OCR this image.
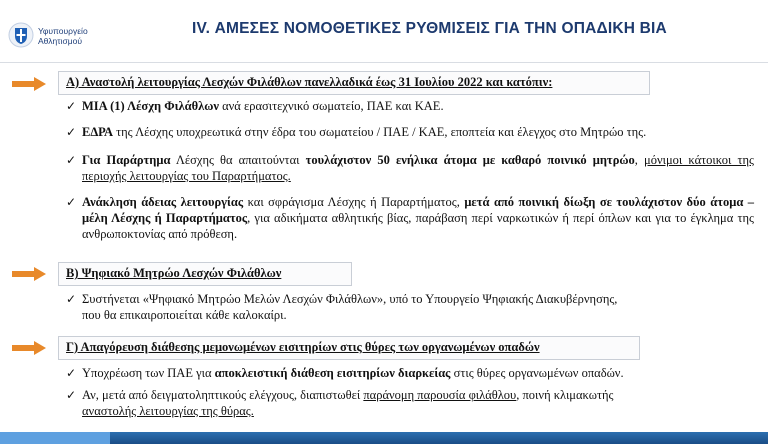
Υφυπουργείο
Αθλητισμού
IV. ΑΜΕΣΕΣ ΝΟΜΟΘΕΤΙΚΕΣ ΡΥΘΜΙΣΕΙΣ ΓΙΑ ΤΗΝ ΟΠΑΔΙΚΗ ΒΙΑ
Α) Αναστολή λειτουργίας Λεσχών Φιλάθλων πανελλαδικά έως 31 Ιουλίου 2022 και κατόπιν:
✓ ΜΙΑ (1) Λέσχη Φιλάθλων ανά ερασιτεχνικό σωματείο, ΠΑΕ και ΚΑΕ.
✓ ΕΔΡΑ της Λέσχης υποχρεωτικά στην έδρα του σωματείου / ΠΑΕ / ΚΑΕ, εποπτεία και έλεγχος στο Μητρώο της.
✓ Για Παράρτημα Λέσχης θα απαιτούνται τουλάχιστον 50 ενήλικα άτομα με καθαρό ποινικό μητρώο, μόνιμοι κάτοικοι της περιοχής λειτουργίας του Παραρτήματος.
✓ Ανάκληση άδειας λειτουργίας και σφράγισμα Λέσχης ή Παραρτήματος, μετά από ποινική δίωξη σε τουλάχιστον δύο άτομα – μέλη Λέσχης ή Παραρτήματος, για αδικήματα αθλητικής βίας, παράβαση περί ναρκωτικών ή περί όπλων και για το έγκλημα της ανθρωποκτονίας από πρόθεση.
Β) Ψηφιακό Μητρώο Λεσχών Φιλάθλων
✓ Συστήνεται «Ψηφιακό Μητρώο Μελών Λεσχών Φιλάθλων», υπό το Υπουργείο Ψηφιακής Διακυβέρνησης,
που θα επικαιροποιείται κάθε καλοκαίρι.
Γ) Απαγόρευση διάθεσης μεμονωμένων εισιτηρίων στις θύρες των οργανωμένων οπαδών
✓ Υποχρέωση των ΠΑΕ για αποκλειστική διάθεση εισιτηρίων διαρκείας στις θύρες οργανωμένων οπαδών.
✓ Αν, μετά από δειγματοληπτικούς ελέγχους, διαπιστωθεί παράνομη παρουσία φιλάθλου, ποινή κλιμακωτής
αναστολής λειτουργίας της θύρας.
